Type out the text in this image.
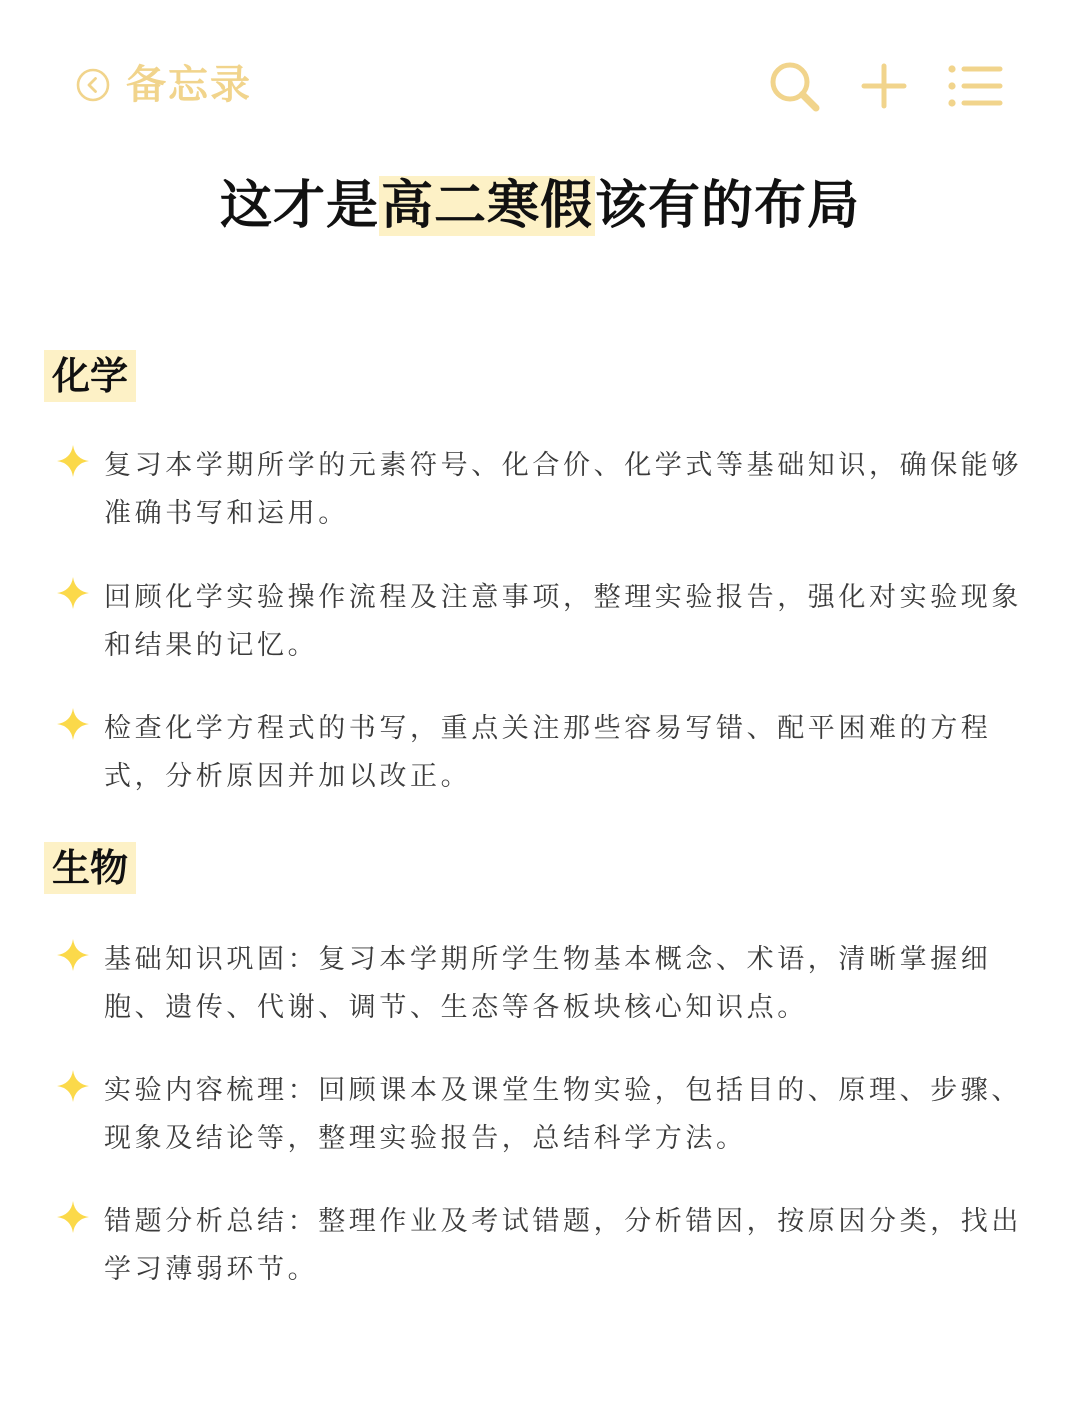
备忘录
这才是高二寒假该有的布局
化学
复习本学期所学的元素符号、化合价、化学式等基础知识，确保能够准确书写和运用。
回顾化学实验操作流程及注意事项，整理实验报告，强化对实验现象和结果的记忆。
检查化学方程式的书写，重点关注那些容易写错、配平困难的方程式，分析原因并加以改正。
生物
基础知识巩固：复习本学期所学生物基本概念、术语，清晰掌握细胞、遗传、代谢、调节、生态等各板块核心知识点。
实验内容梳理：回顾课本及课堂生物实验，包括目的、原理、步骤、现象及结论等，整理实验报告，总结科学方法。
错题分析总结：整理作业及考试错题，分析错因，按原因分类，找出学习薄弱环节。
